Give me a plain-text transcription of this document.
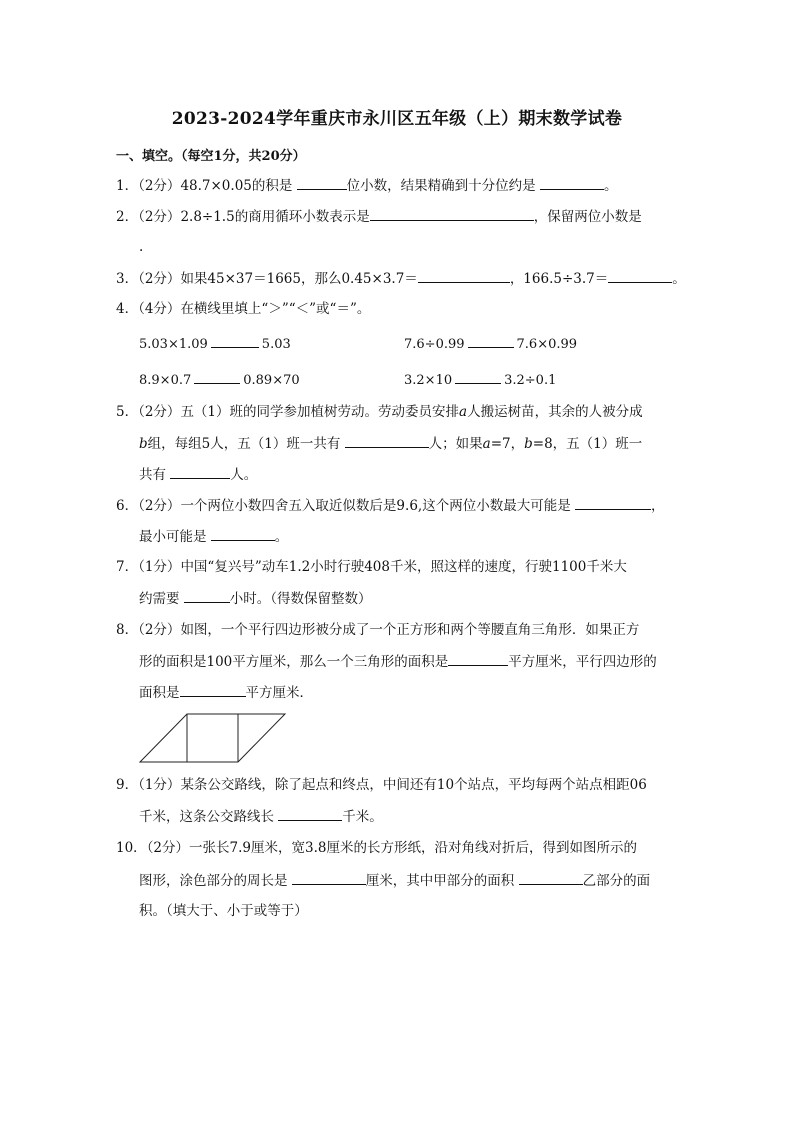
2023-2024学年重庆市永川区五年级（上）期末数学试卷
一、填空。（每空1分，共20分）
1．（2分）48.7×0.05的积是	位小数，结果精确到十分位约是	。
2．（2分）2.8÷1.5的商用循环小数表示是	，保留两位小数是
.
3．（2分）如果45×37＝1665，那么0.45×3.7＝	，166.5÷3.7＝	。
4．（4分）在横线里填上“＞”“＜”或“＝”。
5.03×1.09	5.03	7.6÷0.99	7.6×0.99
8.9×0.7	0.89×70	3.2×10	3.2÷0.1
5．（2分）五（1）班的同学参加植树劳动。劳动委员安排a人搬运树苗，其余的人被分成
b组，每组5人，五（1）班一共有	人；如果a=7，b=8，五（1）班一
共有	人。
6．（2分）一个两位小数四舍五入取近似数后是9.6,这个两位小数最大可能是	，
最小可能是	。
7．（1分）中国“复兴号”动车1.2小时行驶408千米，照这样的速度，行驶1100千米大
约需要	小时。（得数保留整数）
8．（2分）如图，一个平行四边形被分成了一个正方形和两个等腰直角三角形．如果正方
形的面积是100平方厘米，那么一个三角形的面积是	平方厘米，平行四边形的
面积是	平方厘米．
9．（1分）某条公交路线，除了起点和终点，中间还有10个站点，平均每两个站点相距06
千米，这条公交路线长	千米。
10．（2分）一张长7.9厘米，宽3.8厘米的长方形纸，沿对角线对折后，得到如图所示的
图形，涂色部分的周长是	厘米，其中甲部分的面积	乙部分的面
积。（填大于、小于或等于）
